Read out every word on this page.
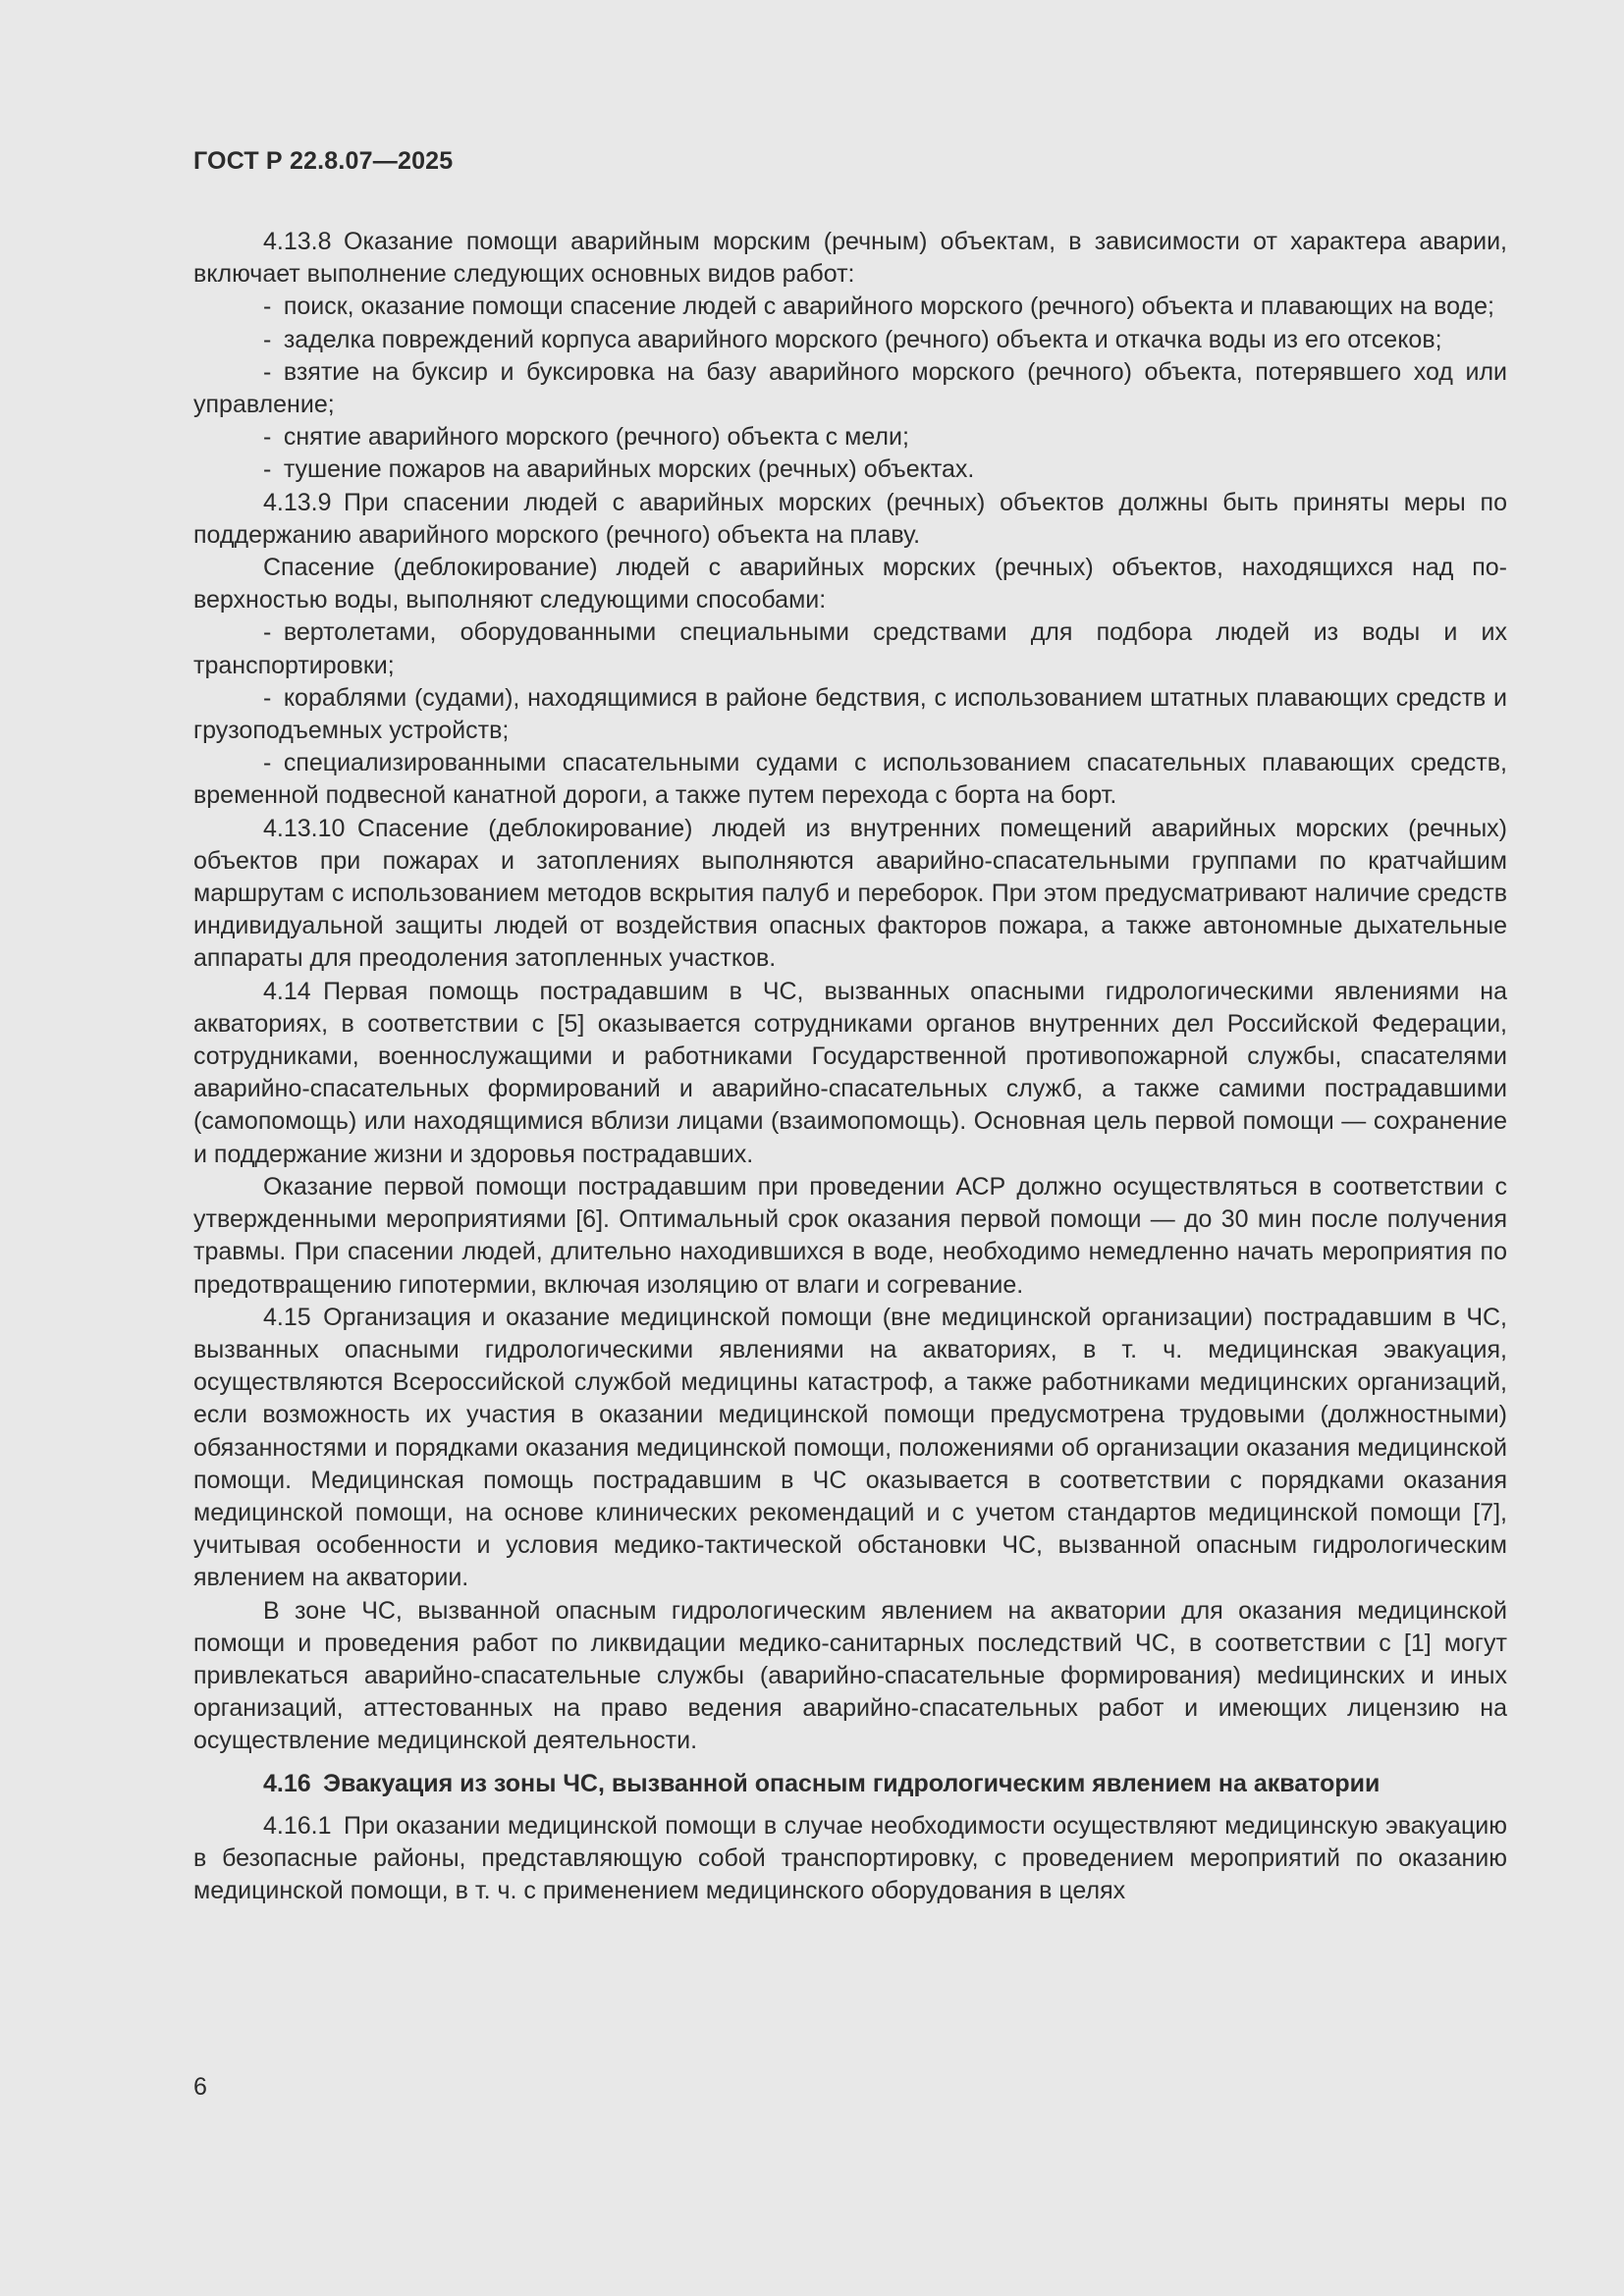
ГОСТ Р 22.8.07—2025

4.13.8 Оказание помощи аварийным морским (речным) объектам, в зависимости от характера аварии, включает выполнение следующих основных видов работ:

- поиск, оказание помощи спасение людей с аварийного морского (речного) объекта и плавающих на воде;

- заделка повреждений корпуса аварийного морского (речного) объекта и откачка воды из его отсеков;

- взятие на буксир и буксировка на базу аварийного морского (речного) объекта, потерявшего ход или управление;

- снятие аварийного морского (речного) объекта с мели;

- тушение пожаров на аварийных морских (речных) объектах.

4.13.9 При спасении людей с аварийных морских (речных) объектов должны быть приняты меры по поддержанию аварийного морского (речного) объекта на плаву.

Спасение (деблокирование) людей с аварийных морских (речных) объектов, находящихся над поверхностью воды, выполняют следующими способами:

- вертолетами, оборудованными специальными средствами для подбора людей из воды и их транспортировки;

- кораблями (судами), находящимися в районе бедствия, с использованием штатных плавающих средств и грузоподъемных устройств;

- специализированными спасательными судами с использованием спасательных плавающих средств, временной подвесной канатной дороги, а также путем перехода с борта на борт.

4.13.10 Спасение (деблокирование) людей из внутренних помещений аварийных морских (речных) объектов при пожарах и затоплениях выполняются аварийно-спасательными группами по кратчайшим маршрутам с использованием методов вскрытия палуб и переборок. При этом предусматривают наличие средств индивидуальной защиты людей от воздействия опасных факторов пожара, а также автономные дыхательные аппараты для преодоления затопленных участков.

4.14 Первая помощь пострадавшим в ЧС, вызванных опасными гидрологическими явлениями на акваториях, в соответствии с [5] оказывается сотрудниками органов внутренних дел Российской Федерации, сотрудниками, военнослужащими и работниками Государственной противопожарной службы, спасателями аварийно-спасательных формирований и аварийно-спасательных служб, а также самими пострадавшими (самопомощь) или находящимися вблизи лицами (взаимопомощь). Основная цель первой помощи — сохранение и поддержание жизни и здоровья пострадавших.

Оказание первой помощи пострадавшим при проведении АСР должно осуществляться в соответствии с утвержденными мероприятиями [6]. Оптимальный срок оказания первой помощи — до 30 мин после получения травмы. При спасении людей, длительно находившихся в воде, необходимо немедленно начать мероприятия по предотвращению гипотермии, включая изоляцию от влаги и согревание.

4.15 Организация и оказание медицинской помощи (вне медицинской организации) пострадавшим в ЧС, вызванных опасными гидрологическими явлениями на акваториях, в т. ч. медицинская эвакуация, осуществляются Всероссийской службой медицины катастроф, а также работниками медицинских организаций, если возможность их участия в оказании медицинской помощи предусмотрена трудовыми (должностными) обязанностями и порядками оказания медицинской помощи, положениями об организации оказания медицинской помощи. Медицинская помощь пострадавшим в ЧС оказывается в соответствии с порядками оказания медицинской помощи, на основе клинических рекомендаций и с учетом стандартов медицинской помощи [7], учитывая особенности и условия медико-тактической обстановки ЧС, вызванной опасным гидрологическим явлением на акватории.

В зоне ЧС, вызванной опасным гидрологическим явлением на акватории для оказания медицинской помощи и проведения работ по ликвидации медико-санитарных последствий ЧС, в соответствии с [1] могут привлекаться аварийно-спасательные службы (аварийно-спасательные формирования) меdицинских и иных организаций, аттестованных на право ведения аварийно-спасательных работ и имеющих лицензию на осуществление медицинской деятельности.

4.16 Эвакуация из зоны ЧС, вызванной опасным гидрологическим явлением на акватории

4.16.1 При оказании медицинской помощи в случае необходимости осуществляют медицинскую эвакуацию в безопасные районы, представляющую собой транспортировку, с проведением мероприятий по оказанию медицинской помощи, в т. ч. с применением медицинского оборудования в целях

6
